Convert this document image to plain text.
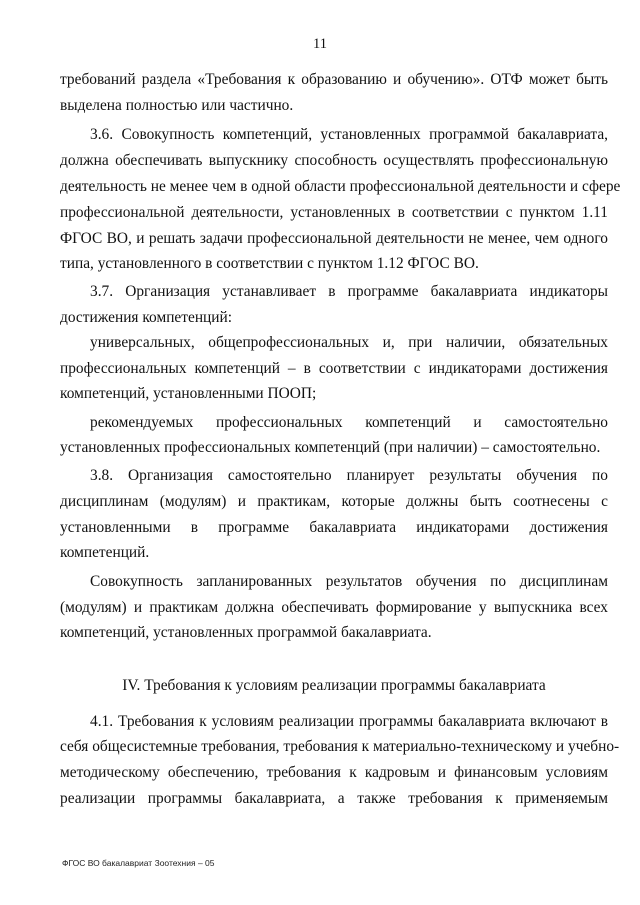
11
требований раздела «Требования к образованию и обучению». ОТФ может быть
выделена полностью или частично.
3.6. Совокупность компетенций, установленных программой бакалавриата,
должна обеспечивать выпускнику способность осуществлять профессиональную
деятельность не менее чем в одной области профессиональной деятельности и сфере
профессиональной деятельности, установленных в соответствии с пунктом 1.11
ФГОС ВО, и решать задачи профессиональной деятельности не менее, чем одного
типа, установленного в соответствии с пунктом 1.12 ФГОС ВО.
3.7. Организация устанавливает в программе бакалавриата индикаторы
достижения компетенций:
универсальных, общепрофессиональных и, при наличии, обязательных
профессиональных компетенций – в соответствии с индикаторами достижения
компетенций, установленными ПООП;
рекомендуемых профессиональных компетенций и самостоятельно
установленных профессиональных компетенций (при наличии) – самостоятельно.
3.8. Организация самостоятельно планирует результаты обучения по
дисциплинам (модулям) и практикам, которые должны быть соотнесены с
установленными в программе бакалавриата индикаторами достижения
компетенций.
Совокупность запланированных результатов обучения по дисциплинам
(модулям) и практикам должна обеспечивать формирование у выпускника всех
компетенций, установленных программой бакалавриата.
IV. Требования к условиям реализации программы бакалавриата
4.1. Требования к условиям реализации программы бакалавриата включают в
себя общесистемные требования, требования к материально-техническому и учебно-
методическому обеспечению, требования к кадровым и финансовым условиям
реализации программы бакалавриата, а также требования к применяемым
ФГОС ВО бакалавриат Зоотехния – 05
